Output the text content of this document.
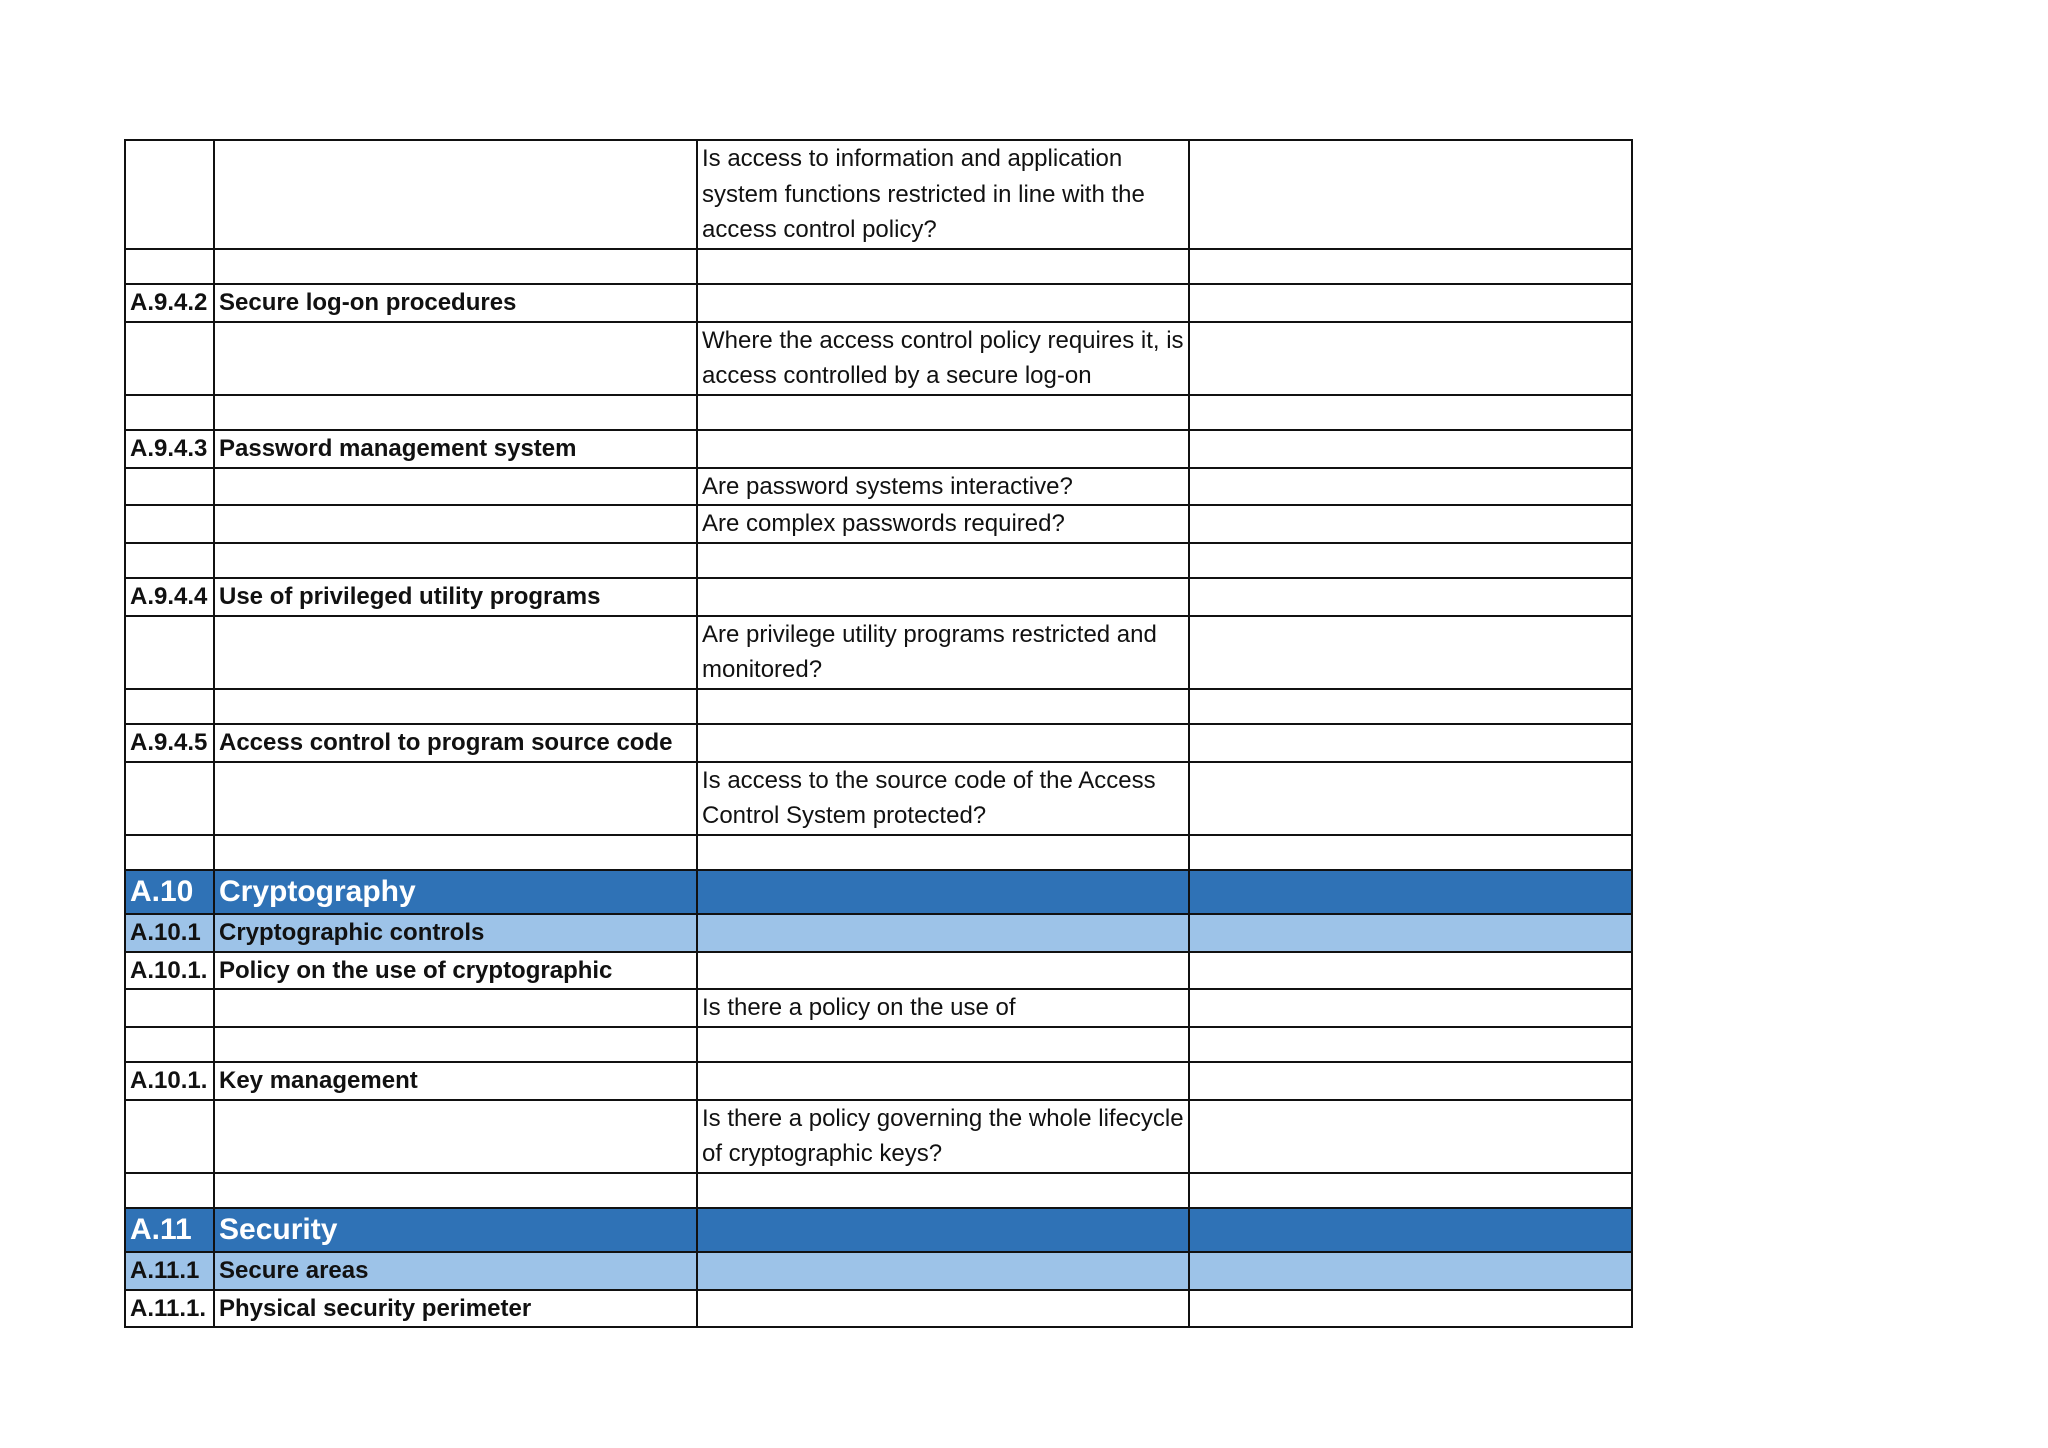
		Is access to information and application system functions restricted in line with the access control policy?	

A.9.4.2	Secure log-on procedures		
		Where the access control policy requires it, is access controlled by a secure log-on	

A.9.4.3	Password management system		
		Are password systems interactive?	
		Are complex passwords required?	

A.9.4.4	Use of privileged utility programs		
		Are privilege utility programs restricted and monitored?	

A.9.4.5	Access control to program source code		
		Is access to the source code of the Access Control System protected?	

A.10	Cryptography		
A.10.1	Cryptographic controls		
A.10.1.	Policy on the use of cryptographic		
		Is there a policy on the use of	

A.10.1.	Key management		
		Is there a policy governing the whole lifecycle of cryptographic keys?	

A.11	Security		
A.11.1	Secure areas		
A.11.1.	Physical security perimeter		
